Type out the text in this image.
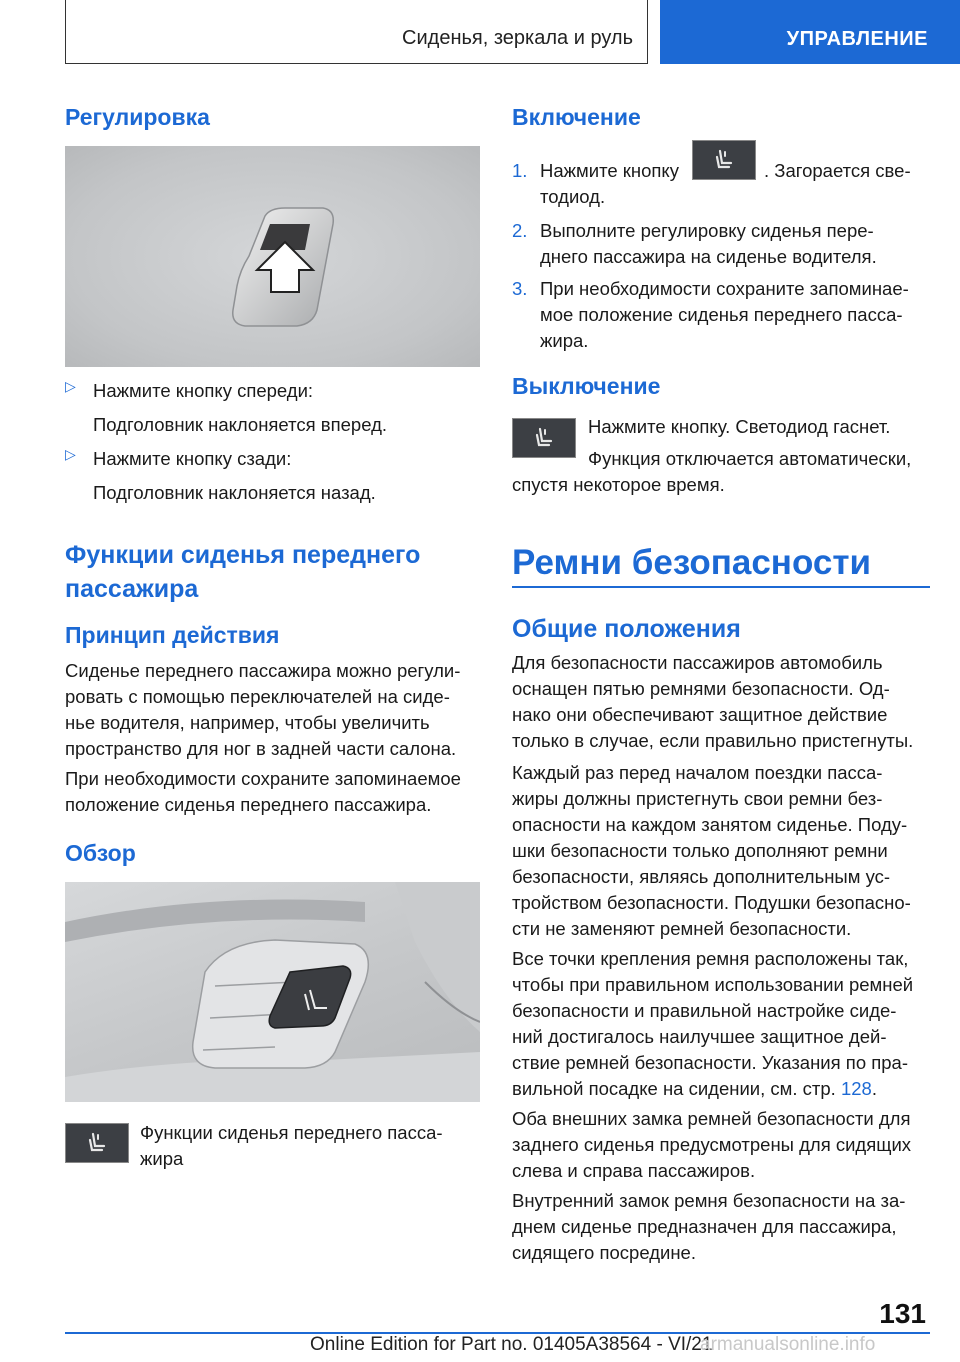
Сиденья, зеркала и руль	УПРАВЛЕНИЕ
Регулировка
▷ Нажмите кнопку спереди:

Подголовник наклоняется вперед.

▷ Нажмите кнопку сзади:

Подголовник наклоняется назад.

Функции сиденья переднего
пассажира
Принцип действия

Сиденье переднего пассажира можно регули-

ровать с помощью переключателей на сиде-

нье водителя, например, чтобы увеличить

пространство для ног в задней части салона.

При необходимости сохраните запоминаемое

положение сиденья переднего пассажира.

Обзор

Функции сиденья переднего пасса-

жира

Включение

1. Нажмите кнопку	. Загорается све-

тодиод.

2. Выполните регулировку сиденья пере-

днего пассажира на сиденье водителя.

3. При необходимости сохраните запоминае-

мое положение сиденья переднего пасса-

жира.

Выключение

Нажмите кнопку. Светодиод гаснет.

Функция отключается автоматически,

спустя некоторое время.

Ремни безопасности
Общие положения

Для безопасности пассажиров автомобиль

оснащен пятью ремнями безопасности. Од-

нако они обеспечивают защитное действие

только в случае, если правильно пристегнуты.

Каждый раз перед началом поездки пасса-

жиры должны пристегнуть свои ремни без-

опасности на каждом занятом сиденье. Поду-

шки безопасности только дополняют ремни

безопасности, являясь дополнительным ус-

тройством безопасности. Подушки безопасно-

сти не заменяют ремней безопасности.

Все точки крепления ремня расположены так,

чтобы при правильном использовании ремней

безопасности и правильной настройке сиде-

ний достигалось наилучшее защитное дей-

ствие ремней безопасности. Указания по пра-

вильной посадке на сидении, см. стр. 128.

Оба внешних замка ремней безопасности для

заднего сиденья предусмотрены для сидящих

слева и справа пассажиров.

Внутренний замок ремня безопасности на за-

днем сиденье предназначен для пассажира,

сидящего посредине.

131
Online Edition for Part no. 01405A38564 - VI/21
armanualsonline.info
